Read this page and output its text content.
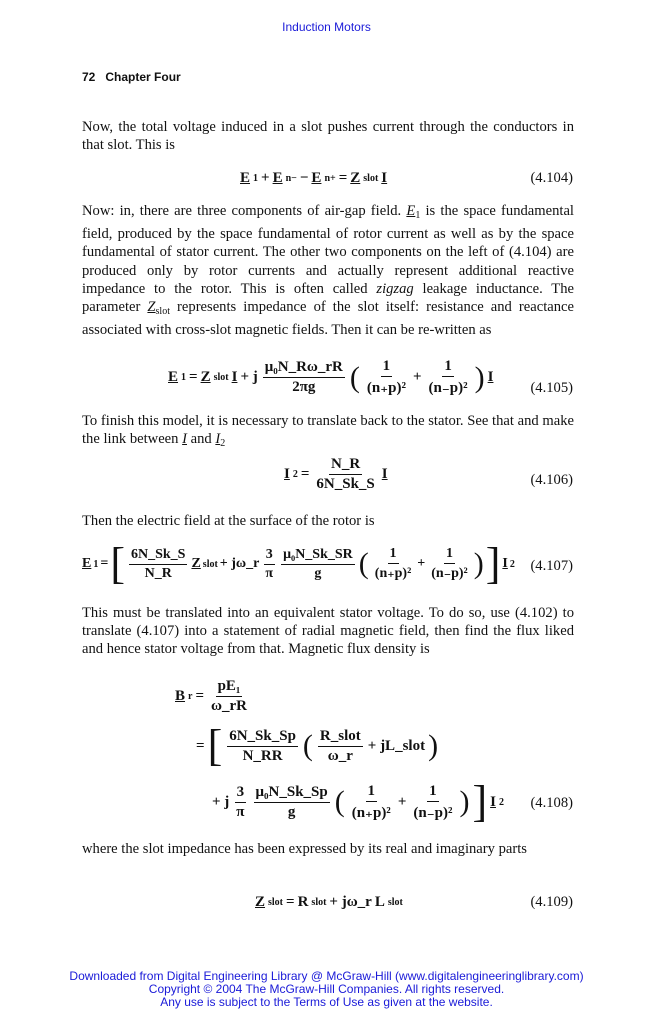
Induction Motors
72 Chapter Four
Now, the total voltage induced in a slot pushes current through the conductors in that slot. This is
E 1 + E n− − E n+ = Z slot I	(4.104)
Now: in, there are three components of air-gap field. $E_1$ is the space fundamental field, produced by the space fundamental of rotor current as well as by the space fundamental of stator current. The other two components on the left of (4.104) are produced only by rotor currents and actually represent additional reactive impedance to the rotor. This is often called zigzag leakage inductance. The parameter $Z_{slot}$ represents impedance of the slot itself: resistance and reactance associated with cross-slot magnetic fields. Then it can be re-written as
E 1 = Z slot I + j $\frac{\text{μ₀N\_Rω\_rR}}{2\pi g}$ ( $\frac{1}{\text{(n₊p)²}} + \frac{1}{\text{(n₋p)²}}$ ) I
(4.105)
To finish this model, it is necessary to translate back to the stator. See that and make the link between I and $I_2$
I $2 = \frac{N\_R}{6N\_Sk\_S}$ I	(4.106)
Then the electric field at the surface of the rotor is
E 1 = [ $\frac{6N\_Sk\_S}{N\_R}$ Z slot + jω_r $\frac{3}{\pi} \frac{\text{μ₀N\_Sk\_SR}}{g}$ ( $\frac{1}{\text{(n₊p)²}} + \frac{1}{\text{(n₋p)²}}$ ) ] I 2 (4.107)
This must be translated into an equivalent stator voltage. To do so, use (4.102) to translate (4.107) into a statement of radial magnetic field, then find the flux liked and hence stator voltage from that. Magnetic flux density is
B $r = \frac{\text{pE₁}}{\omega\_rR}$
= [ $\frac{6N\_Sk\_Sp}{N\_RR}$ ( $\frac{\text{R\_slot}}{\omega\_r}$ + jL_slot )
+ j $\frac{3}{\pi} \frac{\text{μ₀N\_Sk\_Sp}}{g}$ ( $\frac{1}{\text{(n₊p)²}} + \frac{1}{\text{(n₋p)²}}$ ) ] I 2 (4.108)
where the slot impedance has been expressed by its real and imaginary parts
Z slot = R slot + jω_r L slot	(4.109)
Downloaded from Digital Engineering Library @ McGraw-Hill (www.digitalengineeringlibrary.com)
Copyright © 2004 The McGraw-Hill Companies. All rights reserved.
Any use is subject to the Terms of Use as given at the website.
